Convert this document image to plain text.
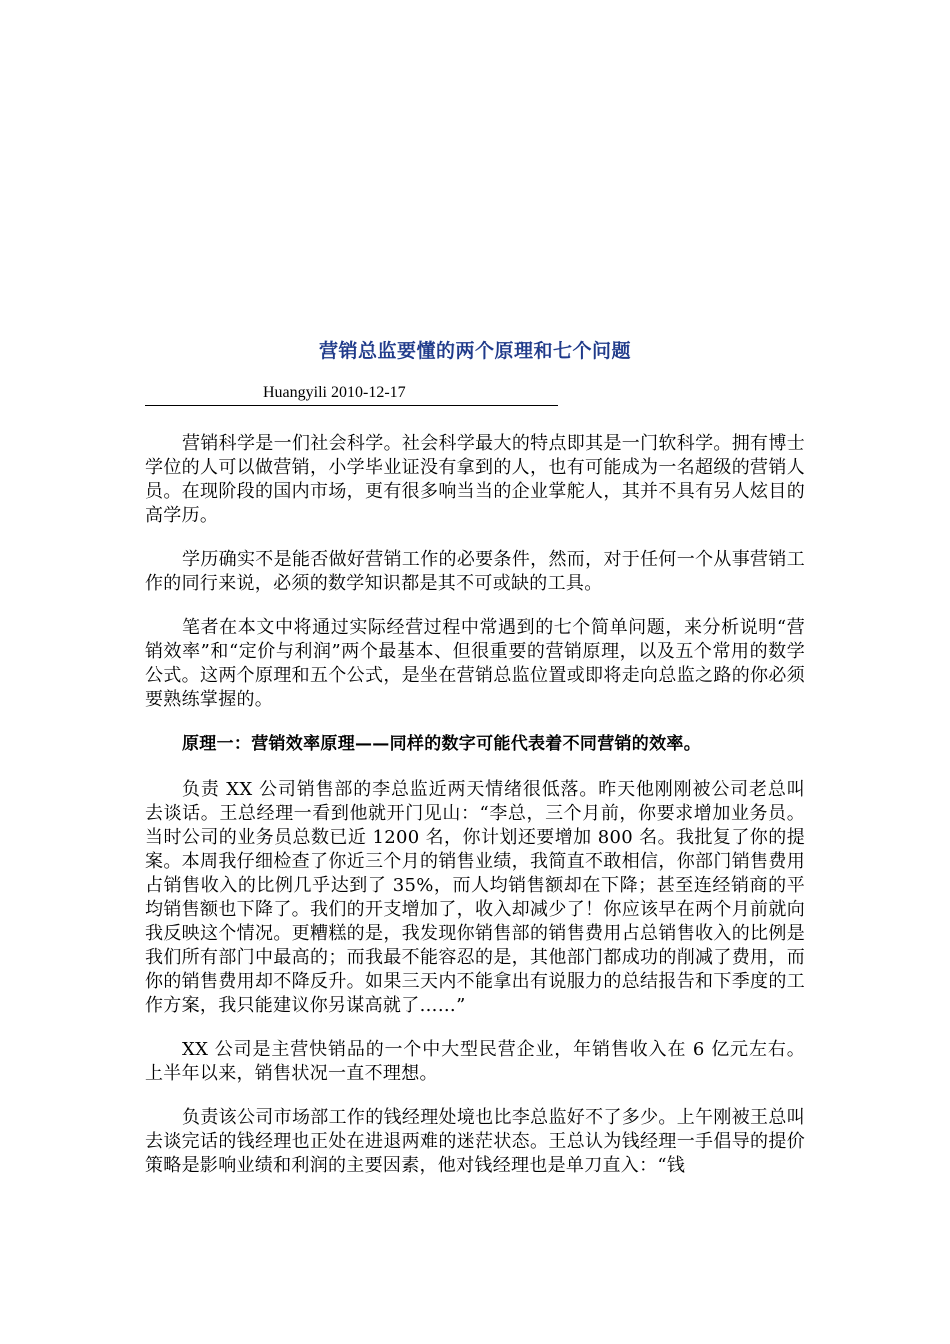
营销总监要懂的两个原理和七个问题
Huangyili 2010-12-17

营销科学是一们社会科学。社会科学最大的特点即其是一门软科学。拥有博士学位的人可以做营销，小学毕业证没有拿到的人，也有可能成为一名超级的营销人员。在现阶段的国内市场，更有很多响当当的企业掌舵人，其并不具有另人炫目的高学历。

学历确实不是能否做好营销工作的必要条件，然而，对于任何一个从事营销工作的同行来说，必须的数学知识都是其不可或缺的工具。

笔者在本文中将通过实际经营过程中常遇到的七个简单问题，来分析说明“营销效率”和“定价与利润”两个最基本、但很重要的营销原理，以及五个常用的数学公式。这两个原理和五个公式，是坐在营销总监位置或即将走向总监之路的你必须要熟练掌握的。

原理一：营销效率原理——同样的数字可能代表着不同营销的效率。

负责 XX 公司销售部的李总监近两天情绪很低落。昨天他刚刚被公司老总叫去谈话。王总经理一看到他就开门见山：“李总，三个月前，你要求增加业务员。当时公司的业务员总数已近 1200 名，你计划还要增加 800 名。我批复了你的提案。本周我仔细检查了你近三个月的销售业绩，我简直不敢相信，你部门销售费用占销售收入的比例几乎达到了 35%，而人均销售额却在下降；甚至连经销商的平均销售额也下降了。我们的开支增加了，收入却减少了！你应该早在两个月前就向我反映这个情况。更糟糕的是，我发现你销售部的销售费用占总销售收入的比例是我们所有部门中最高的；而我最不能容忍的是，其他部门都成功的削减了费用，而你的销售费用却不降反升。如果三天内不能拿出有说服力的总结报告和下季度的工作方案，我只能建议你另谋高就了……”

XX 公司是主营快销品的一个中大型民营企业，年销售收入在 6 亿元左右。上半年以来，销售状况一直不理想。

负责该公司市场部工作的钱经理处境也比李总监好不了多少。上午刚被王总叫去谈完话的钱经理也正处在进退两难的迷茫状态。王总认为钱经理一手倡导的提价策略是影响业绩和利润的主要因素，他对钱经理也是单刀直入：“钱
